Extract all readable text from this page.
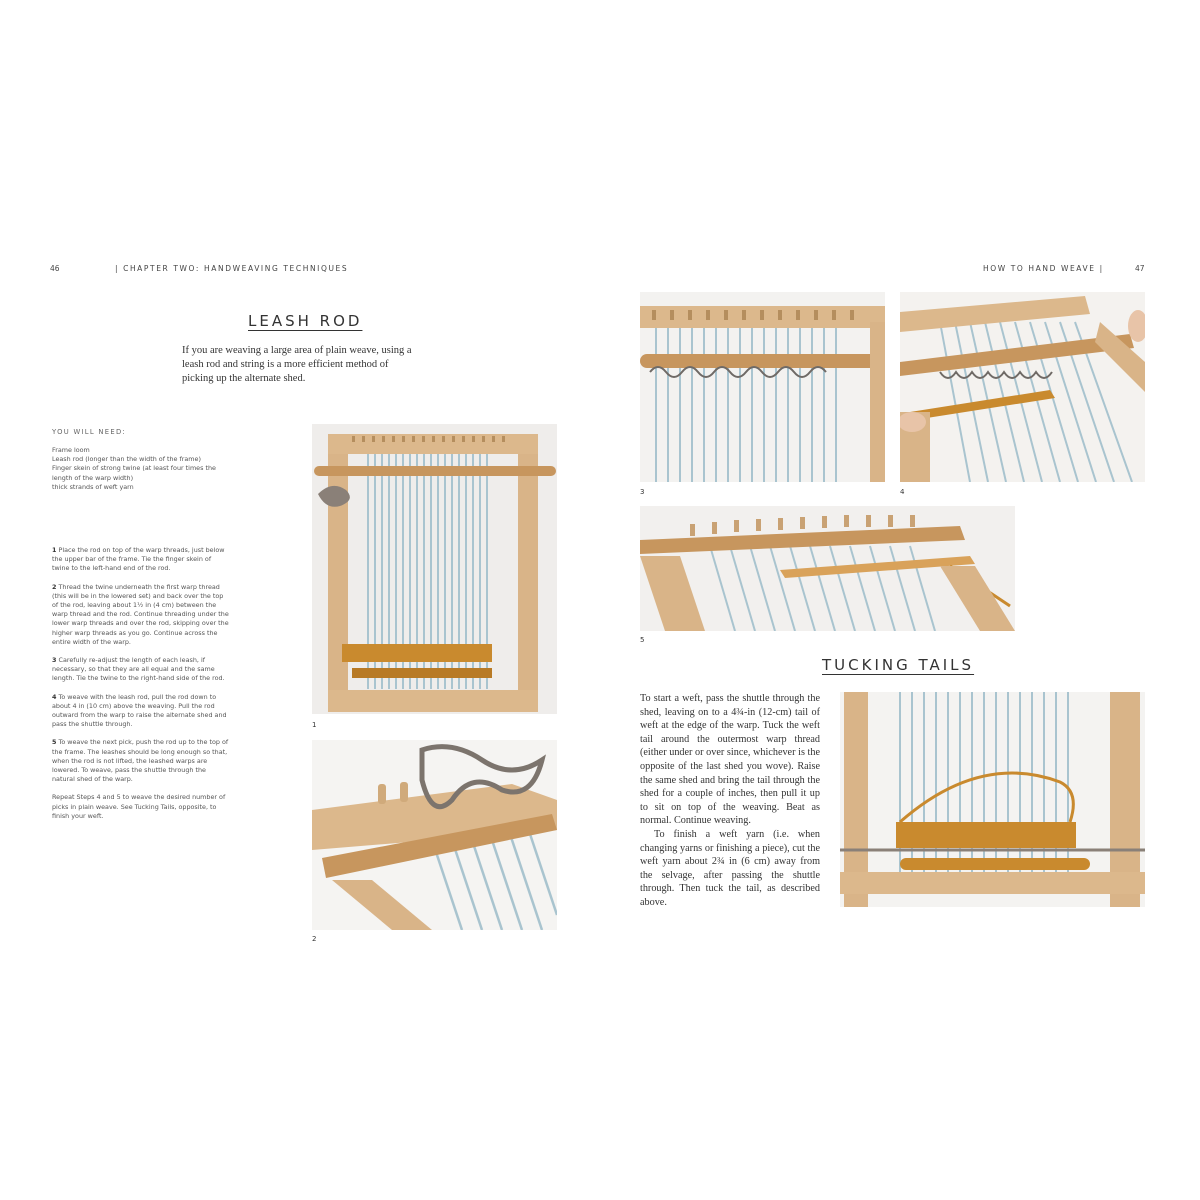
46	| CHAPTER TWO: HANDWEAVING TECHNIQUES
LEASH ROD
If you are weaving a large area of plain weave, using a leash rod and string is a more efficient method of picking up the alternate shed.
YOU WILL NEED:
Frame loom
Leash rod (longer than the width of the frame)
Finger skein of strong twine (at least four times the length of the warp width)
thick strands of weft yarn

1 Place the rod on top of the warp threads, just below the upper bar of the frame. Tie the finger skein of twine to the left-hand end of the rod.

2 Thread the twine underneath the first warp thread (this will be in the lowered set) and back over the top of the rod, leaving about 1½ in (4 cm) between the warp thread and the rod. Continue threading under the lower warp threads and over the rod, skipping over the higher warp threads as you go. Continue across the entire width of the warp.

3 Carefully re-adjust the length of each leash, if necessary, so that they are all equal and the same length. Tie the twine to the right-hand side of the rod.

4 To weave with the leash rod, pull the rod down to about 4 in (10 cm) above the weaving. Pull the rod outward from the warp to raise the alternate shed and pass the shuttle through.

5 To weave the next pick, push the rod up to the top of the frame. The leashes should be long enough so that, when the rod is not lifted, the leashed warps are lowered. To weave, pass the shuttle through the natural shed of the warp.

Repeat Steps 4 and 5 to weave the desired number of picks in plain weave. See Tucking Tails, opposite, to finish your weft.

1
2
HOW TO HAND WEAVE |	47
3	4
5
TUCKING TAILS

To start a weft, pass the shuttle through the shed, leaving on to a 4¾-in (12-cm) tail of weft at the edge of the warp. Tuck the weft tail around the outermost warp thread (either under or over since, whichever is the opposite of the last shed you wove). Raise the same shed and bring the tail through the shed for a couple of inches, then pull it up to sit on top of the weaving. Beat as normal. Continue weaving.

To finish a weft yarn (i.e. when changing yarns or finishing a piece), cut the weft yarn about 2¾ in (6 cm) away from the selvage, after passing the shuttle through. Then tuck the tail, as described above.
